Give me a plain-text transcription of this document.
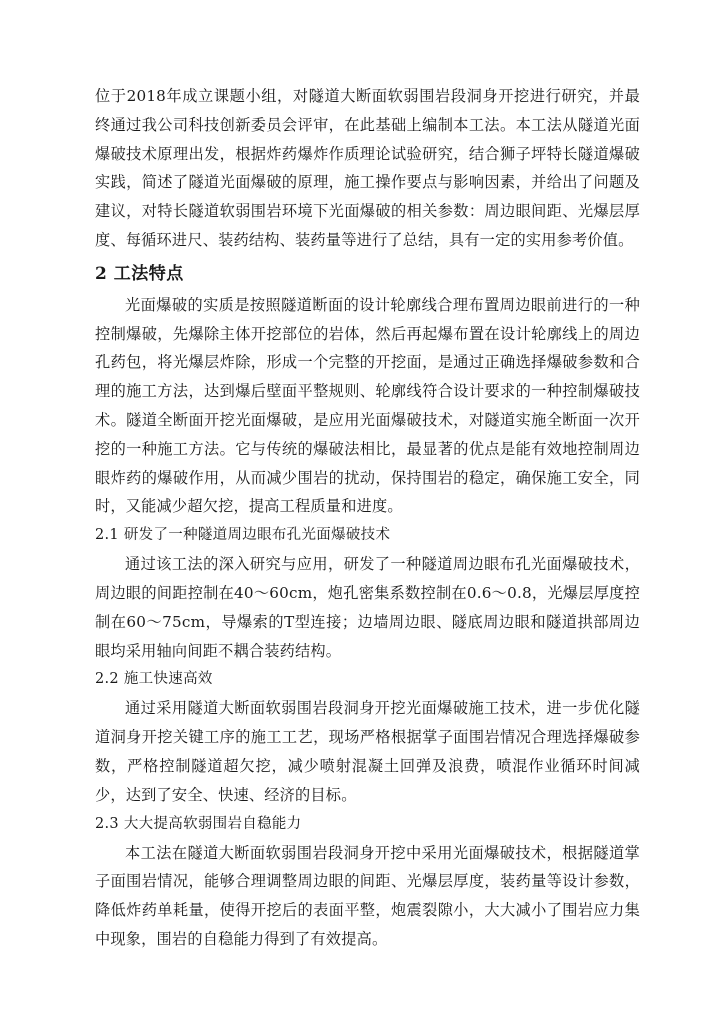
位于2018年成立课题小组，对隧道大断面软弱围岩段洞身开挖进行研究，并最终通过我公司科技创新委员会评审，在此基础上编制本工法。本工法从隧道光面爆破技术原理出发，根据炸药爆炸作质理论试验研究，结合狮子坪特长隧道爆破实践，简述了隧道光面爆破的原理，施工操作要点与影响因素，并给出了问题及建议，对特长隧道软弱围岩环境下光面爆破的相关参数：周边眼间距、光爆层厚度、每循环进尺、装药结构、装药量等进行了总结，具有一定的实用参考价值。

2 工法特点

光面爆破的实质是按照隧道断面的设计轮廓线合理布置周边眼前进行的一种控制爆破，先爆除主体开挖部位的岩体，然后再起爆布置在设计轮廓线上的周边孔药包，将光爆层炸除，形成一个完整的开挖面，是通过正确选择爆破参数和合理的施工方法，达到爆后壁面平整规则、轮廓线符合设计要求的一种控制爆破技术。隧道全断面开挖光面爆破，是应用光面爆破技术，对隧道实施全断面一次开挖的一种施工方法。它与传统的爆破法相比，最显著的优点是能有效地控制周边眼炸药的爆破作用，从而减少围岩的扰动，保持围岩的稳定，确保施工安全，同时，又能减少超欠挖，提高工程质量和进度。

2.1 研发了一种隧道周边眼布孔光面爆破技术

通过该工法的深入研究与应用，研发了一种隧道周边眼布孔光面爆破技术，周边眼的间距控制在40～60cm，炮孔密集系数控制在0.6～0.8，光爆层厚度控制在60～75cm，导爆索的T型连接；边墙周边眼、隧底周边眼和隧道拱部周边眼均采用轴向间距不耦合装药结构。

2.2 施工快速高效

通过采用隧道大断面软弱围岩段洞身开挖光面爆破施工技术，进一步优化隧道洞身开挖关键工序的施工工艺，现场严格根据掌子面围岩情况合理选择爆破参数，严格控制隧道超欠挖，减少喷射混凝土回弹及浪费，喷混作业循环时间减少，达到了安全、快速、经济的目标。

2.3 大大提高软弱围岩自稳能力

本工法在隧道大断面软弱围岩段洞身开挖中采用光面爆破技术，根据隧道掌子面围岩情况，能够合理调整周边眼的间距、光爆层厚度，装药量等设计参数，降低炸药单耗量，使得开挖后的表面平整，炮震裂隙小，大大减小了围岩应力集中现象，围岩的自稳能力得到了有效提高。
